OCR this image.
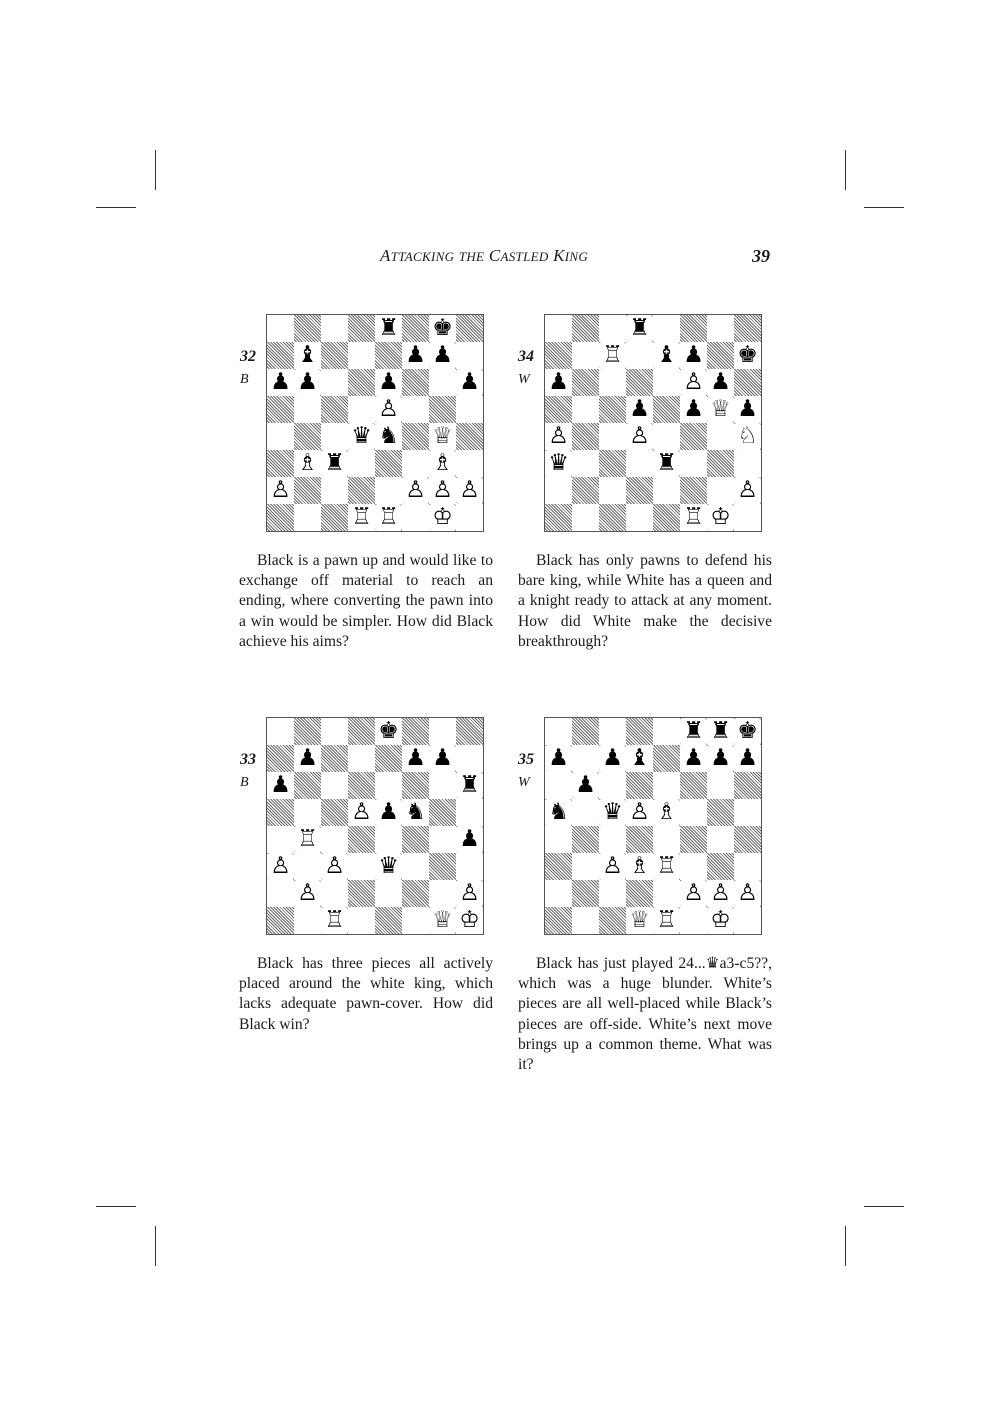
ATTACKING THE CASTLED KING	39
32
B
♜ ♚
♝	♟ ♟
♟ ♟	♟	♟
♙
♛ ♞ ♕
♗ ♜	♗
♙	♙ ♙ ♙
♖ ♖ ♔

Black is a pawn up and would like to exchange off material to reach an ending, where converting the pawn into a win would be simpler. How did Black achieve his aims?

34
W
♜
♖ ♝ ♟ ♚
♟	♙ ♟
♟ ♟ ♕ ♟
♙	♙	♘
♛	♜
♙
♖ ♔

Black has only pawns to defend his bare king, while White has a queen and a knight ready to attack at any moment. How did White make the decisive breakthrough?

33
B
♚
♟	♟ ♟
♟	♜
♙ ♟ ♞
♖	♟
♙ ♙ ♛
♙	♙
♖	♕ ♔

Black has three pieces all actively placed around the white king, which lacks adequate pawn-cover. How did Black win?

35
W
♜ ♜ ♚
♟ ♟ ♝ ♟ ♟ ♟
♟
♞ ♛ ♙ ♗
♙ ♗ ♖
♙ ♙ ♙
♕ ♖ ♔

Black has just played 24...♛a3-c5??, which was a huge blunder. White’s pieces are all well-placed while Black’s pieces are off-side. White’s next move brings up a common theme. What was it?
